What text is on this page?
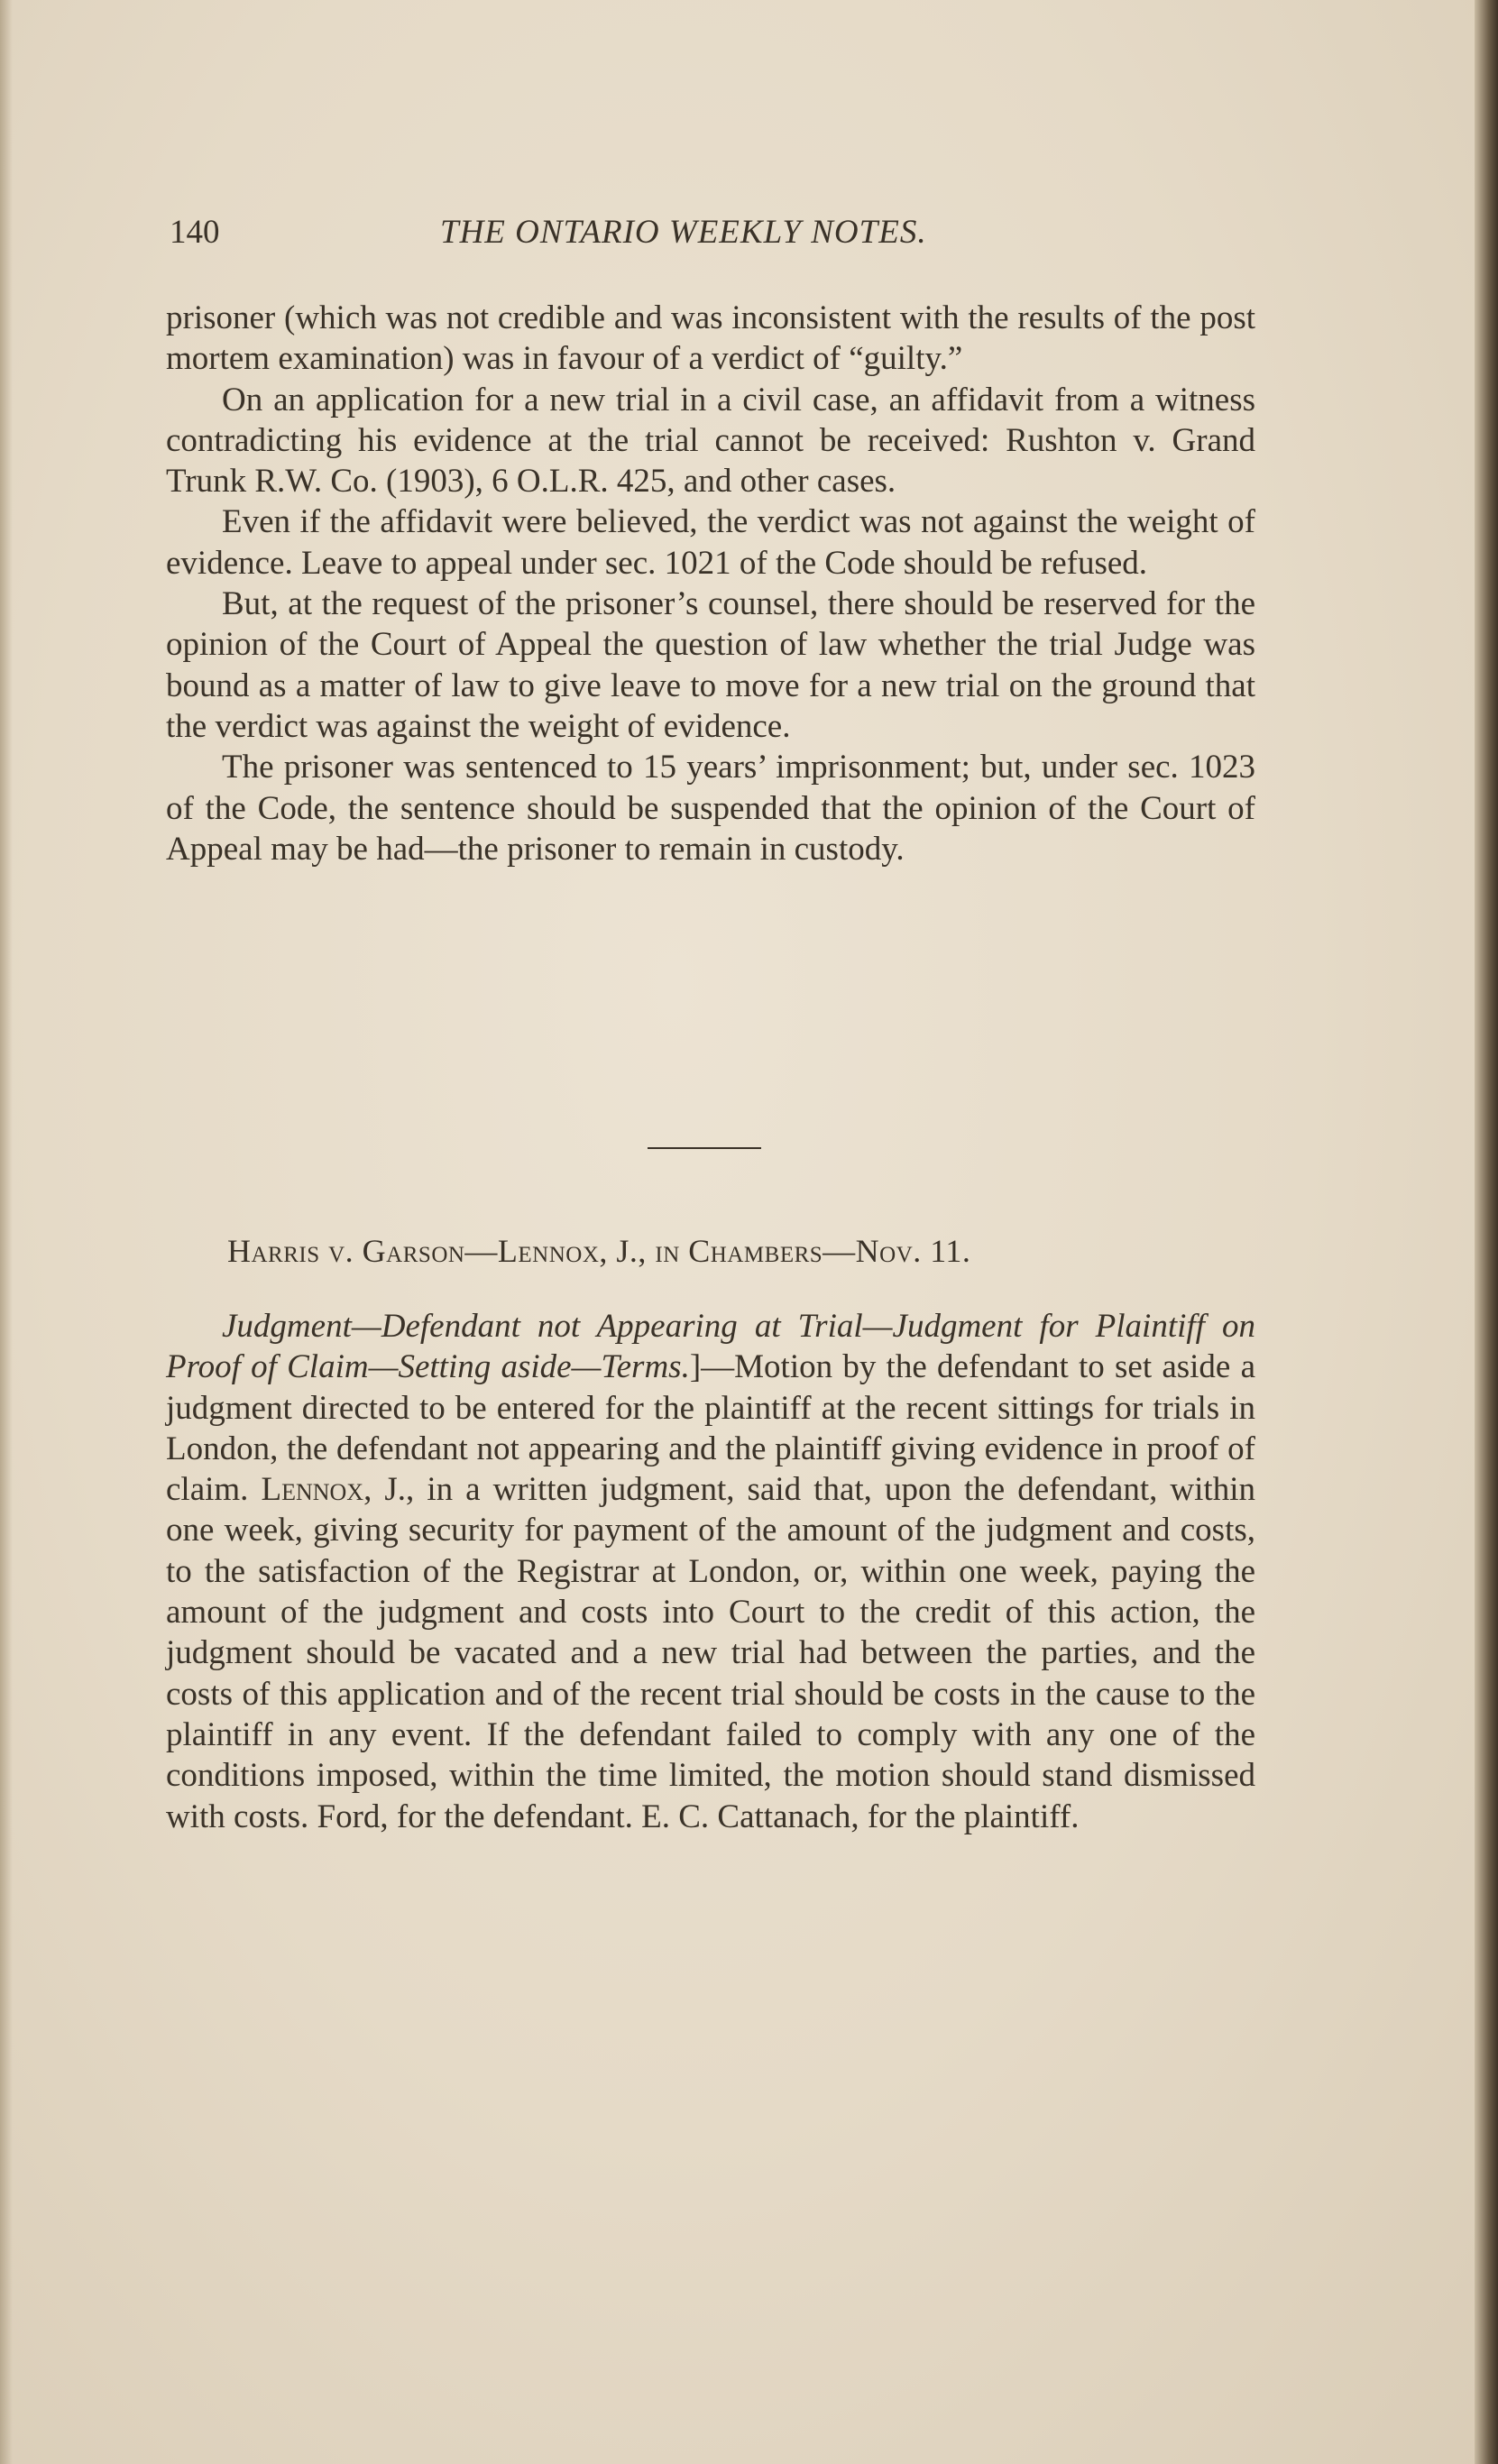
140	THE ONTARIO WEEKLY NOTES.

prisoner (which was not credible and was inconsistent with the results of the post mortem examination) was in favour of a verdict of “guilty.”

On an application for a new trial in a civil case, an affidavit from a witness contradicting his evidence at the trial cannot be received: Rushton v. Grand Trunk R.W. Co. (1903), 6 O.L.R. 425, and other cases.

Even if the affidavit were believed, the verdict was not against the weight of evidence. Leave to appeal under sec. 1021 of the Code should be refused.

But, at the request of the prisoner’s counsel, there should be reserved for the opinion of the Court of Appeal the question of law whether the trial Judge was bound as a matter of law to give leave to move for a new trial on the ground that the verdict was against the weight of evidence.

The prisoner was sentenced to 15 years’ imprisonment; but, under sec. 1023 of the Code, the sentence should be suspended that the opinion of the Court of Appeal may be had—the prisoner to remain in custody.

Harris v. Garson—Lennox, J., in Chambers—Nov. 11.

Judgment—Defendant not Appearing at Trial—Judgment for Plaintiff on Proof of Claim—Setting aside—Terms.]—Motion by the defendant to set aside a judgment directed to be entered for the plaintiff at the recent sittings for trials in London, the defendant not appearing and the plaintiff giving evidence in proof of claim. Lennox, J., in a written judgment, said that, upon the defendant, within one week, giving security for payment of the amount of the judgment and costs, to the satisfaction of the Registrar at London, or, within one week, paying the amount of the judgment and costs into Court to the credit of this action, the judgment should be vacated and a new trial had between the parties, and the costs of this application and of the recent trial should be costs in the cause to the plaintiff in any event. If the defendant failed to comply with any one of the conditions imposed, within the time limited, the motion should stand dismissed with costs. Ford, for the defendant. E. C. Cattanach, for the plaintiff.
